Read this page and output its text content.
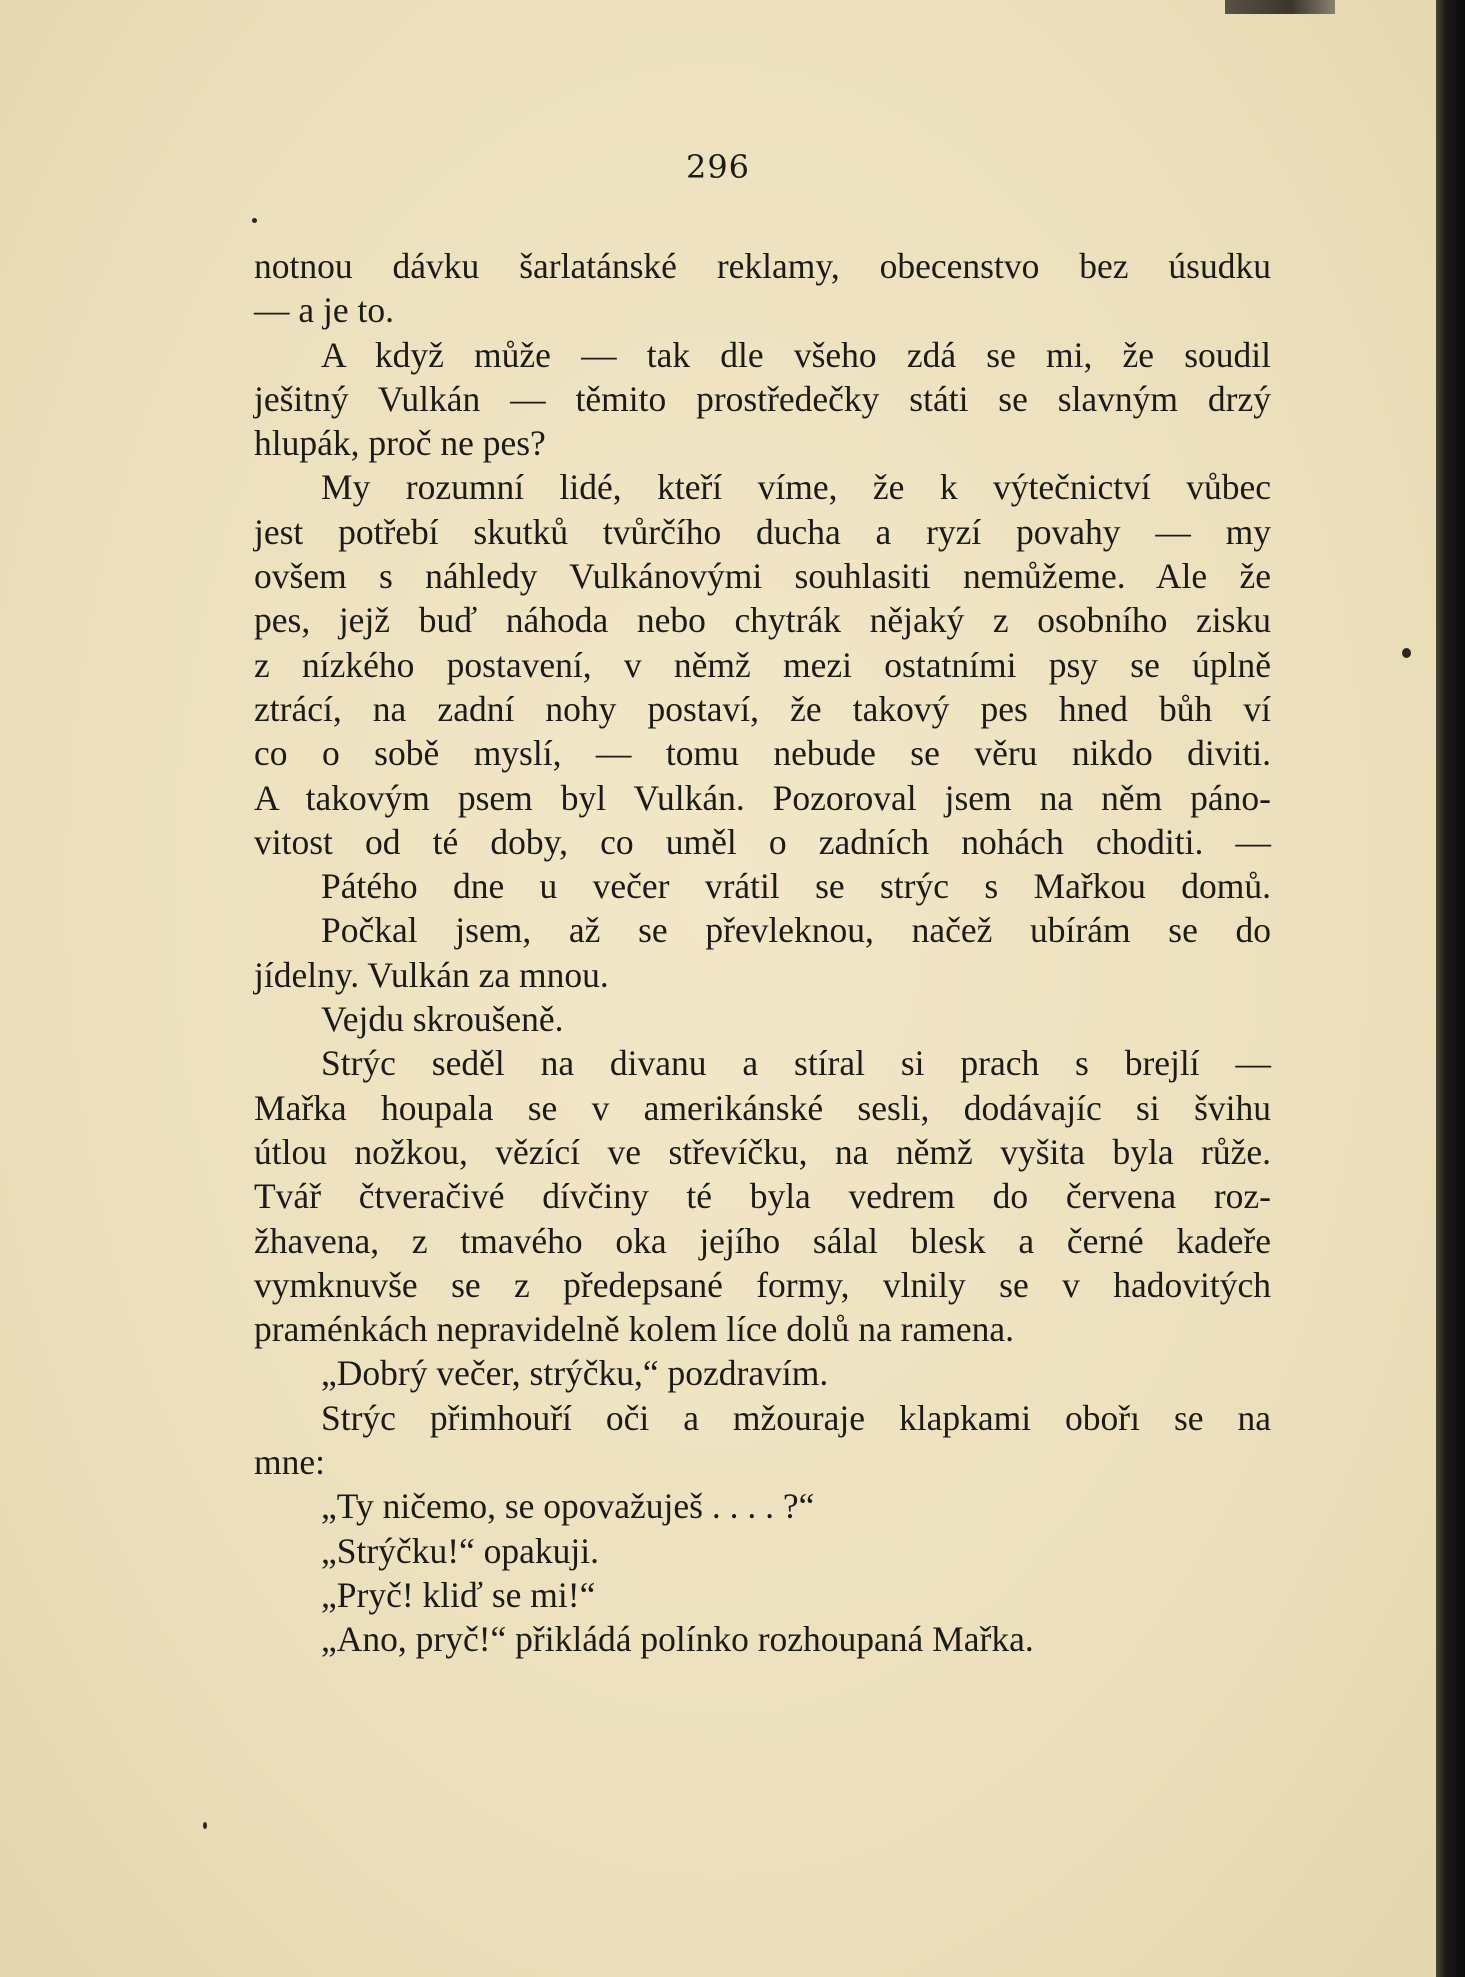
296
notnou dávku šarlatánské reklamy, obecenstvo bez úsudku
— a je to.
A když může — tak dle všeho zdá se mi, že soudil
ješitný Vulkán — těmito prostředečky státi se slavným drzý
hlupák, proč ne pes?
My rozumní lidé, kteří víme, že k výtečnictví vůbec
jest potřebí skutků tvůrčího ducha a ryzí povahy — my
ovšem s náhledy Vulkánovými souhlasiti nemůžeme. Ale že
pes, jejž buď náhoda nebo chytrák nějaký z osobního zisku
z nízkého postavení, v němž mezi ostatními psy se úplně
ztrácí, na zadní nohy postaví, že takový pes hned bůh ví
co o sobě myslí, — tomu nebude se věru nikdo diviti.
A takovým psem byl Vulkán. Pozoroval jsem na něm páno-
vitost od té doby, co uměl o zadních nohách choditi. —
Pátého dne u večer vrátil se strýc s Mařkou domů.
Počkal jsem, až se převleknou, načež ubírám se do
jídelny. Vulkán za mnou.
Vejdu skroušeně.
Strýc seděl na divanu a stíral si prach s brejlí —
Mařka houpala se v amerikánské sesli, dodávajíc si švihu
útlou nožkou, vězící ve střevíčku, na němž vyšita byla růže.
Tvář čtveračivé dívčiny té byla vedrem do červena roz-
žhavena, z tmavého oka jejího sálal blesk a černé kadeře
vymknuvše se z předepsané formy, vlnily se v hadovitých
praménkách nepravidelně kolem líce dolů na ramena.
„Dobrý večer, strýčku,“ pozdravím.
Strýc přimhouří oči a mžouraje klapkami obořı se na
mne:
„Ty ničemo, se opovažuješ . . . . ?“
„Strýčku!“ opakuji.
„Pryč! kliď se mi!“
„Ano, pryč!“ přikládá polínko rozhoupaná Mařka.
